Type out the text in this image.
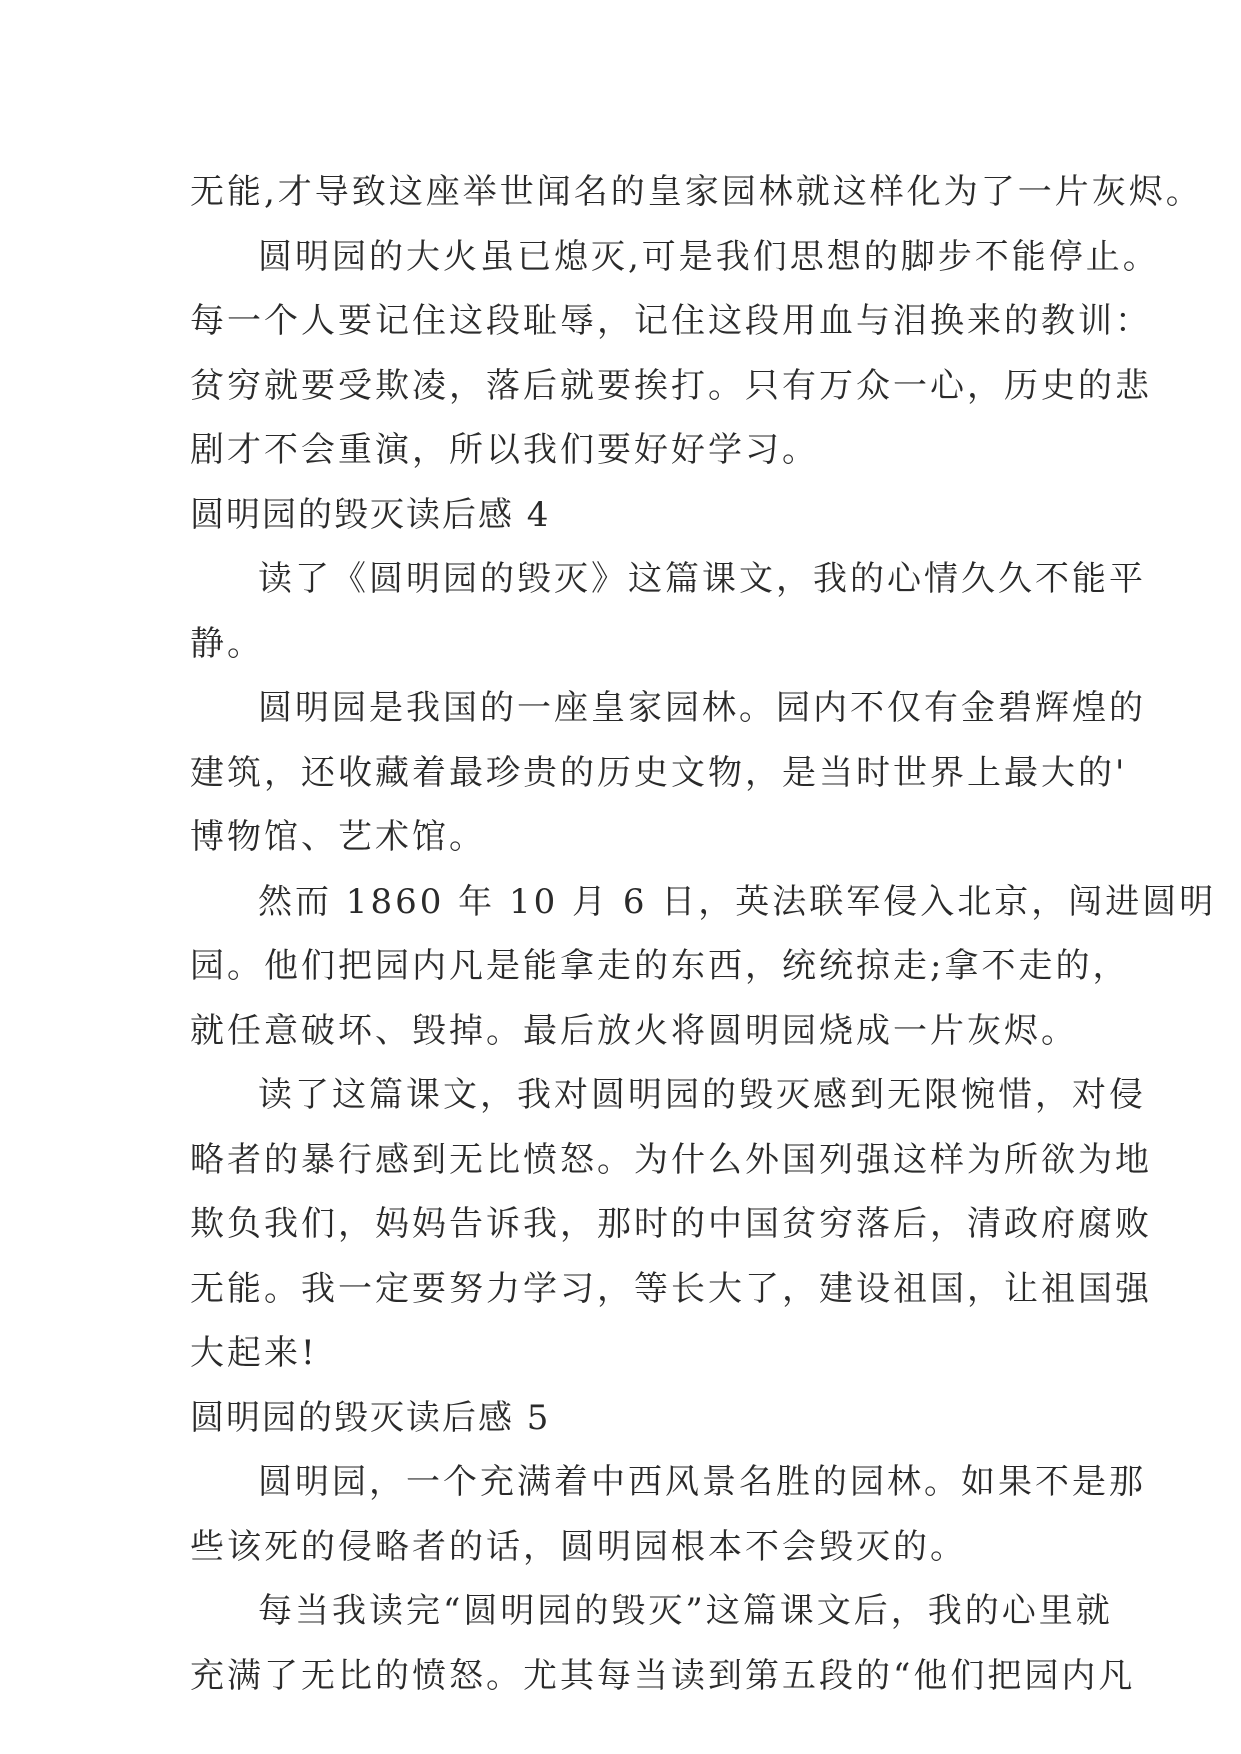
无能,才导致这座举世闻名的皇家园林就这样化为了一片灰烬。
圆明园的大火虽已熄灭,可是我们思想的脚步不能停止。
每一个人要记住这段耻辱，记住这段用血与泪换来的教训：
贫穷就要受欺凌，落后就要挨打。只有万众一心，历史的悲
剧才不会重演，所以我们要好好学习。
圆明园的毁灭读后感 4
读了《圆明园的毁灭》这篇课文，我的心情久久不能平
静。
圆明园是我国的一座皇家园林。园内不仅有金碧辉煌的
建筑，还收藏着最珍贵的历史文物，是当时世界上最大的'
博物馆、艺术馆。
然而 1860 年 10 月 6 日，英法联军侵入北京，闯进圆明
园。他们把园内凡是能拿走的东西，统统掠走;拿不走的，
就任意破坏、毁掉。最后放火将圆明园烧成一片灰烬。
读了这篇课文，我对圆明园的毁灭感到无限惋惜，对侵
略者的暴行感到无比愤怒。为什么外国列强这样为所欲为地
欺负我们，妈妈告诉我，那时的中国贫穷落后，清政府腐败
无能。我一定要努力学习，等长大了，建设祖国，让祖国强
大起来!
圆明园的毁灭读后感 5
圆明园，一个充满着中西风景名胜的园林。如果不是那
些该死的侵略者的话，圆明园根本不会毁灭的。
每当我读完“圆明园的毁灭”这篇课文后，我的心里就
充满了无比的愤怒。尤其每当读到第五段的“他们把园内凡
